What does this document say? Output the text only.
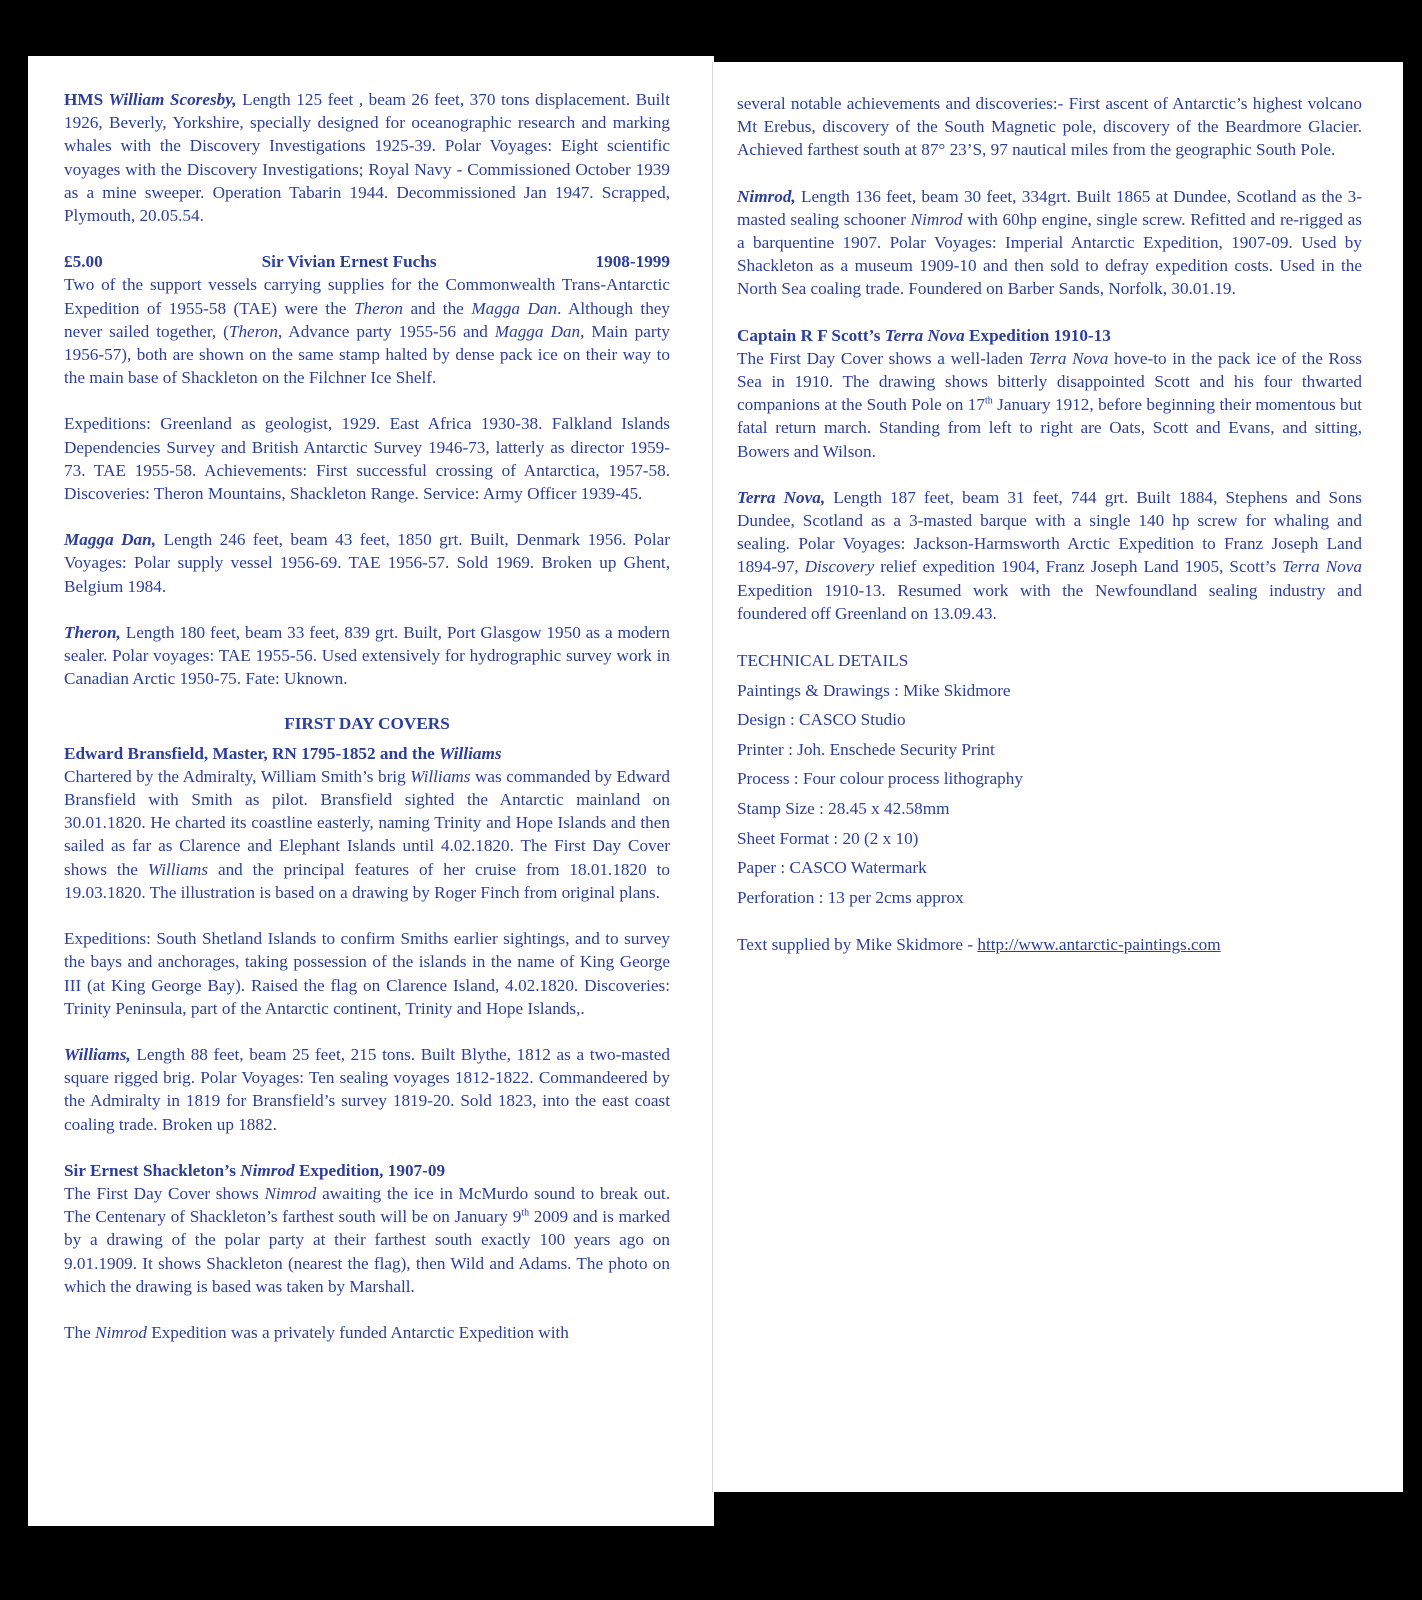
HMS William Scoresby, Length 125 feet , beam 26 feet, 370 tons displacement. Built 1926, Beverly, Yorkshire, specially designed for oceanographic research and marking whales with the Discovery Investigations 1925-39. Polar Voyages: Eight scientific voyages with the Discovery Investigations; Royal Navy - Commissioned October 1939 as a mine sweeper. Operation Tabarin 1944. Decommissioned Jan 1947. Scrapped, Plymouth, 20.05.54.

£5.00	Sir Vivian Ernest Fuchs	1908-1999

Two of the support vessels carrying supplies for the Commonwealth Trans-Antarctic Expedition of 1955-58 (TAE) were the Theron and the Magga Dan. Although they never sailed together, (Theron, Advance party 1955-56 and Magga Dan, Main party 1956-57), both are shown on the same stamp halted by dense pack ice on their way to the main base of Shackleton on the Filchner Ice Shelf.

Expeditions: Greenland as geologist, 1929. East Africa 1930-38. Falkland Islands Dependencies Survey and British Antarctic Survey 1946-73, latterly as director 1959-73. TAE 1955-58. Achievements: First successful crossing of Antarctica, 1957-58. Discoveries: Theron Mountains, Shackleton Range. Service: Army Officer 1939-45.

Magga Dan, Length 246 feet, beam 43 feet, 1850 grt. Built, Denmark 1956. Polar Voyages: Polar supply vessel 1956-69. TAE 1956-57. Sold 1969. Broken up Ghent, Belgium 1984.

Theron, Length 180 feet, beam 33 feet, 839 grt. Built, Port Glasgow 1950 as a modern sealer. Polar voyages: TAE 1955-56. Used extensively for hydrographic survey work in Canadian Arctic 1950-75. Fate: Uknown.

FIRST DAY COVERS

Edward Bransfield, Master, RN 1795-1852 and the Williams

Chartered by the Admiralty, William Smith’s brig Williams was commanded by Edward Bransfield with Smith as pilot. Bransfield sighted the Antarctic mainland on 30.01.1820. He charted its coastline easterly, naming Trinity and Hope Islands and then sailed as far as Clarence and Elephant Islands until 4.02.1820. The First Day Cover shows the Williams and the principal features of her cruise from 18.01.1820 to 19.03.1820. The illustration is based on a drawing by Roger Finch from original plans.

Expeditions: South Shetland Islands to confirm Smiths earlier sightings, and to survey the bays and anchorages, taking possession of the islands in the name of King George III (at King George Bay). Raised the flag on Clarence Island, 4.02.1820. Discoveries: Trinity Peninsula, part of the Antarctic continent, Trinity and Hope Islands,.

Williams, Length 88 feet, beam 25 feet, 215 tons. Built Blythe, 1812 as a two-masted square rigged brig. Polar Voyages: Ten sealing voyages 1812-1822. Commandeered by the Admiralty in 1819 for Bransfield’s survey 1819-20. Sold 1823, into the east coast coaling trade. Broken up 1882.

Sir Ernest Shackleton’s Nimrod Expedition, 1907-09

The First Day Cover shows Nimrod awaiting the ice in McMurdo sound to break out. The Centenary of Shackleton’s farthest south will be on January 9th 2009 and is marked by a drawing of the polar party at their farthest south exactly 100 years ago on 9.01.1909. It shows Shackleton (nearest the flag), then Wild and Adams. The photo on which the drawing is based was taken by Marshall.

The Nimrod Expedition was a privately funded Antarctic Expedition with

several notable achievements and discoveries:- First ascent of Antarctic’s highest volcano Mt Erebus, discovery of the South Magnetic pole, discovery of the Beardmore Glacier. Achieved farthest south at 87° 23’S, 97 nautical miles from the geographic South Pole.

Nimrod, Length 136 feet, beam 30 feet, 334grt. Built 1865 at Dundee, Scotland as the 3-masted sealing schooner Nimrod with 60hp engine, single screw. Refitted and re-rigged as a barquentine 1907. Polar Voyages: Imperial Antarctic Expedition, 1907-09. Used by Shackleton as a museum 1909-10 and then sold to defray expedition costs. Used in the North Sea coaling trade. Foundered on Barber Sands, Norfolk, 30.01.19.

Captain R F Scott’s Terra Nova Expedition 1910-13

The First Day Cover shows a well-laden Terra Nova hove-to in the pack ice of the Ross Sea in 1910. The drawing shows bitterly disappointed Scott and his four thwarted companions at the South Pole on 17th January 1912, before beginning their momentous but fatal return march. Standing from left to right are Oats, Scott and Evans, and sitting, Bowers and Wilson.

Terra Nova, Length 187 feet, beam 31 feet, 744 grt. Built 1884, Stephens and Sons Dundee, Scotland as a 3-masted barque with a single 140 hp screw for whaling and sealing. Polar Voyages: Jackson-Harmsworth Arctic Expedition to Franz Joseph Land 1894-97, Discovery relief expedition 1904, Franz Joseph Land 1905, Scott’s Terra Nova Expedition 1910-13. Resumed work with the Newfoundland sealing industry and foundered off Greenland on 13.09.43.

TECHNICAL DETAILS

Paintings & Drawings : Mike Skidmore

Design : CASCO Studio

Printer : Joh. Enschede Security Print

Process : Four colour process lithography

Stamp Size : 28.45 x 42.58mm

Sheet Format : 20 (2 x 10)

Paper : CASCO Watermark

Perforation : 13 per 2cms approx

Text supplied by Mike Skidmore - http://www.antarctic-paintings.com
